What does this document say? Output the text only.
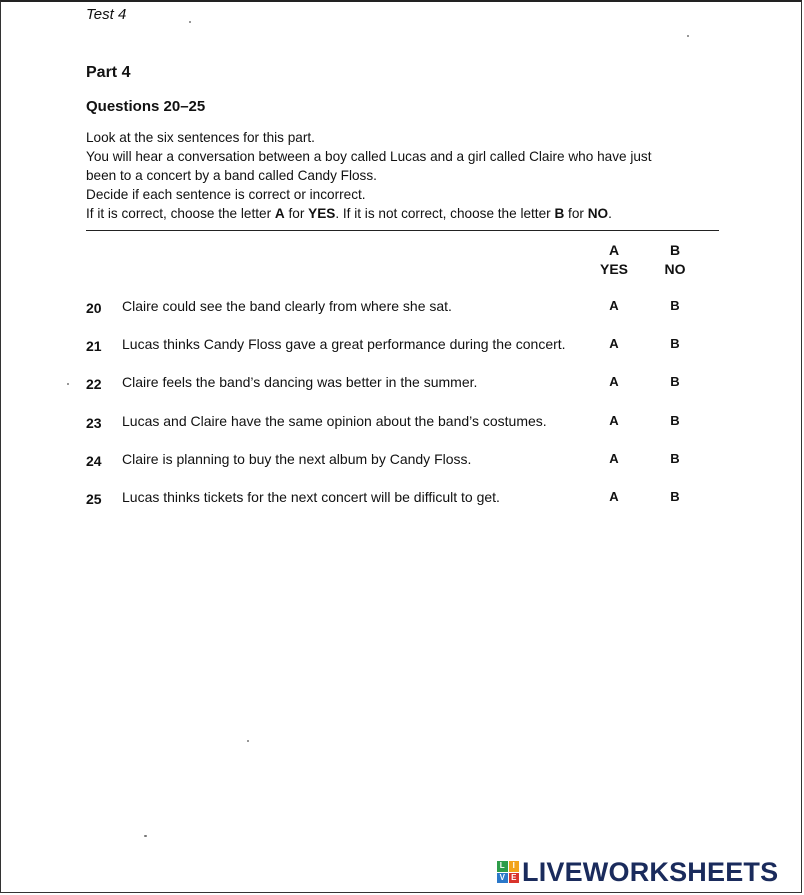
Test 4
Part 4
Questions 20–25
Look at the six sentences for this part.
You will hear a conversation between a boy called Lucas and a girl called Claire who have just
been to a concert by a band called Candy Floss.
Decide if each sentence is correct or incorrect.
If it is correct, choose the letter A for YES. If it is not correct, choose the letter B for NO.
A
YES
B
NO
20 Claire could see the band clearly from where she sat.	A	B
21 Lucas thinks Candy Floss gave a great performance during the concert.	A	B
22 Claire feels the band’s dancing was better in the summer.	A	B
23 Lucas and Claire have the same opinion about the band’s costumes.	A	B
24 Claire is planning to buy the next album by Candy Floss.	A	B
25 Lucas thinks tickets for the next concert will be difficult to get.	A	B
L I
V E LIVEWORKSHEETS
